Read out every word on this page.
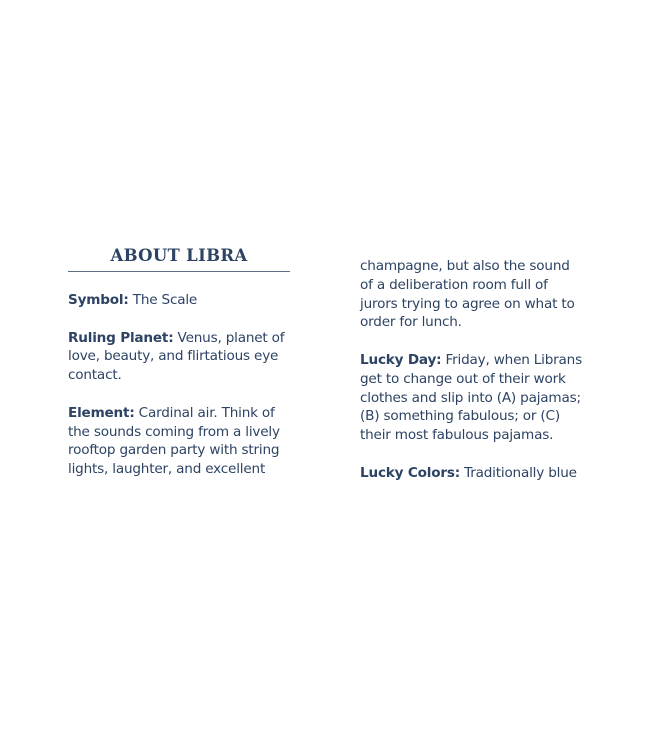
ABOUT LIBRA
Symbol: The Scale
Ruling Planet: Venus, planet of
love, beauty, and flirtatious eye
contact.
Element: Cardinal air. Think of
the sounds coming from a lively
rooftop garden party with string
lights, laughter, and excellent
champagne, but also the sound
of a deliberation room full of
jurors trying to agree on what to
order for lunch.
Lucky Day: Friday, when Librans
get to change out of their work
clothes and slip into (A) pajamas;
(B) something fabulous; or (C)
their most fabulous pajamas.
Lucky Colors: Traditionally blue
